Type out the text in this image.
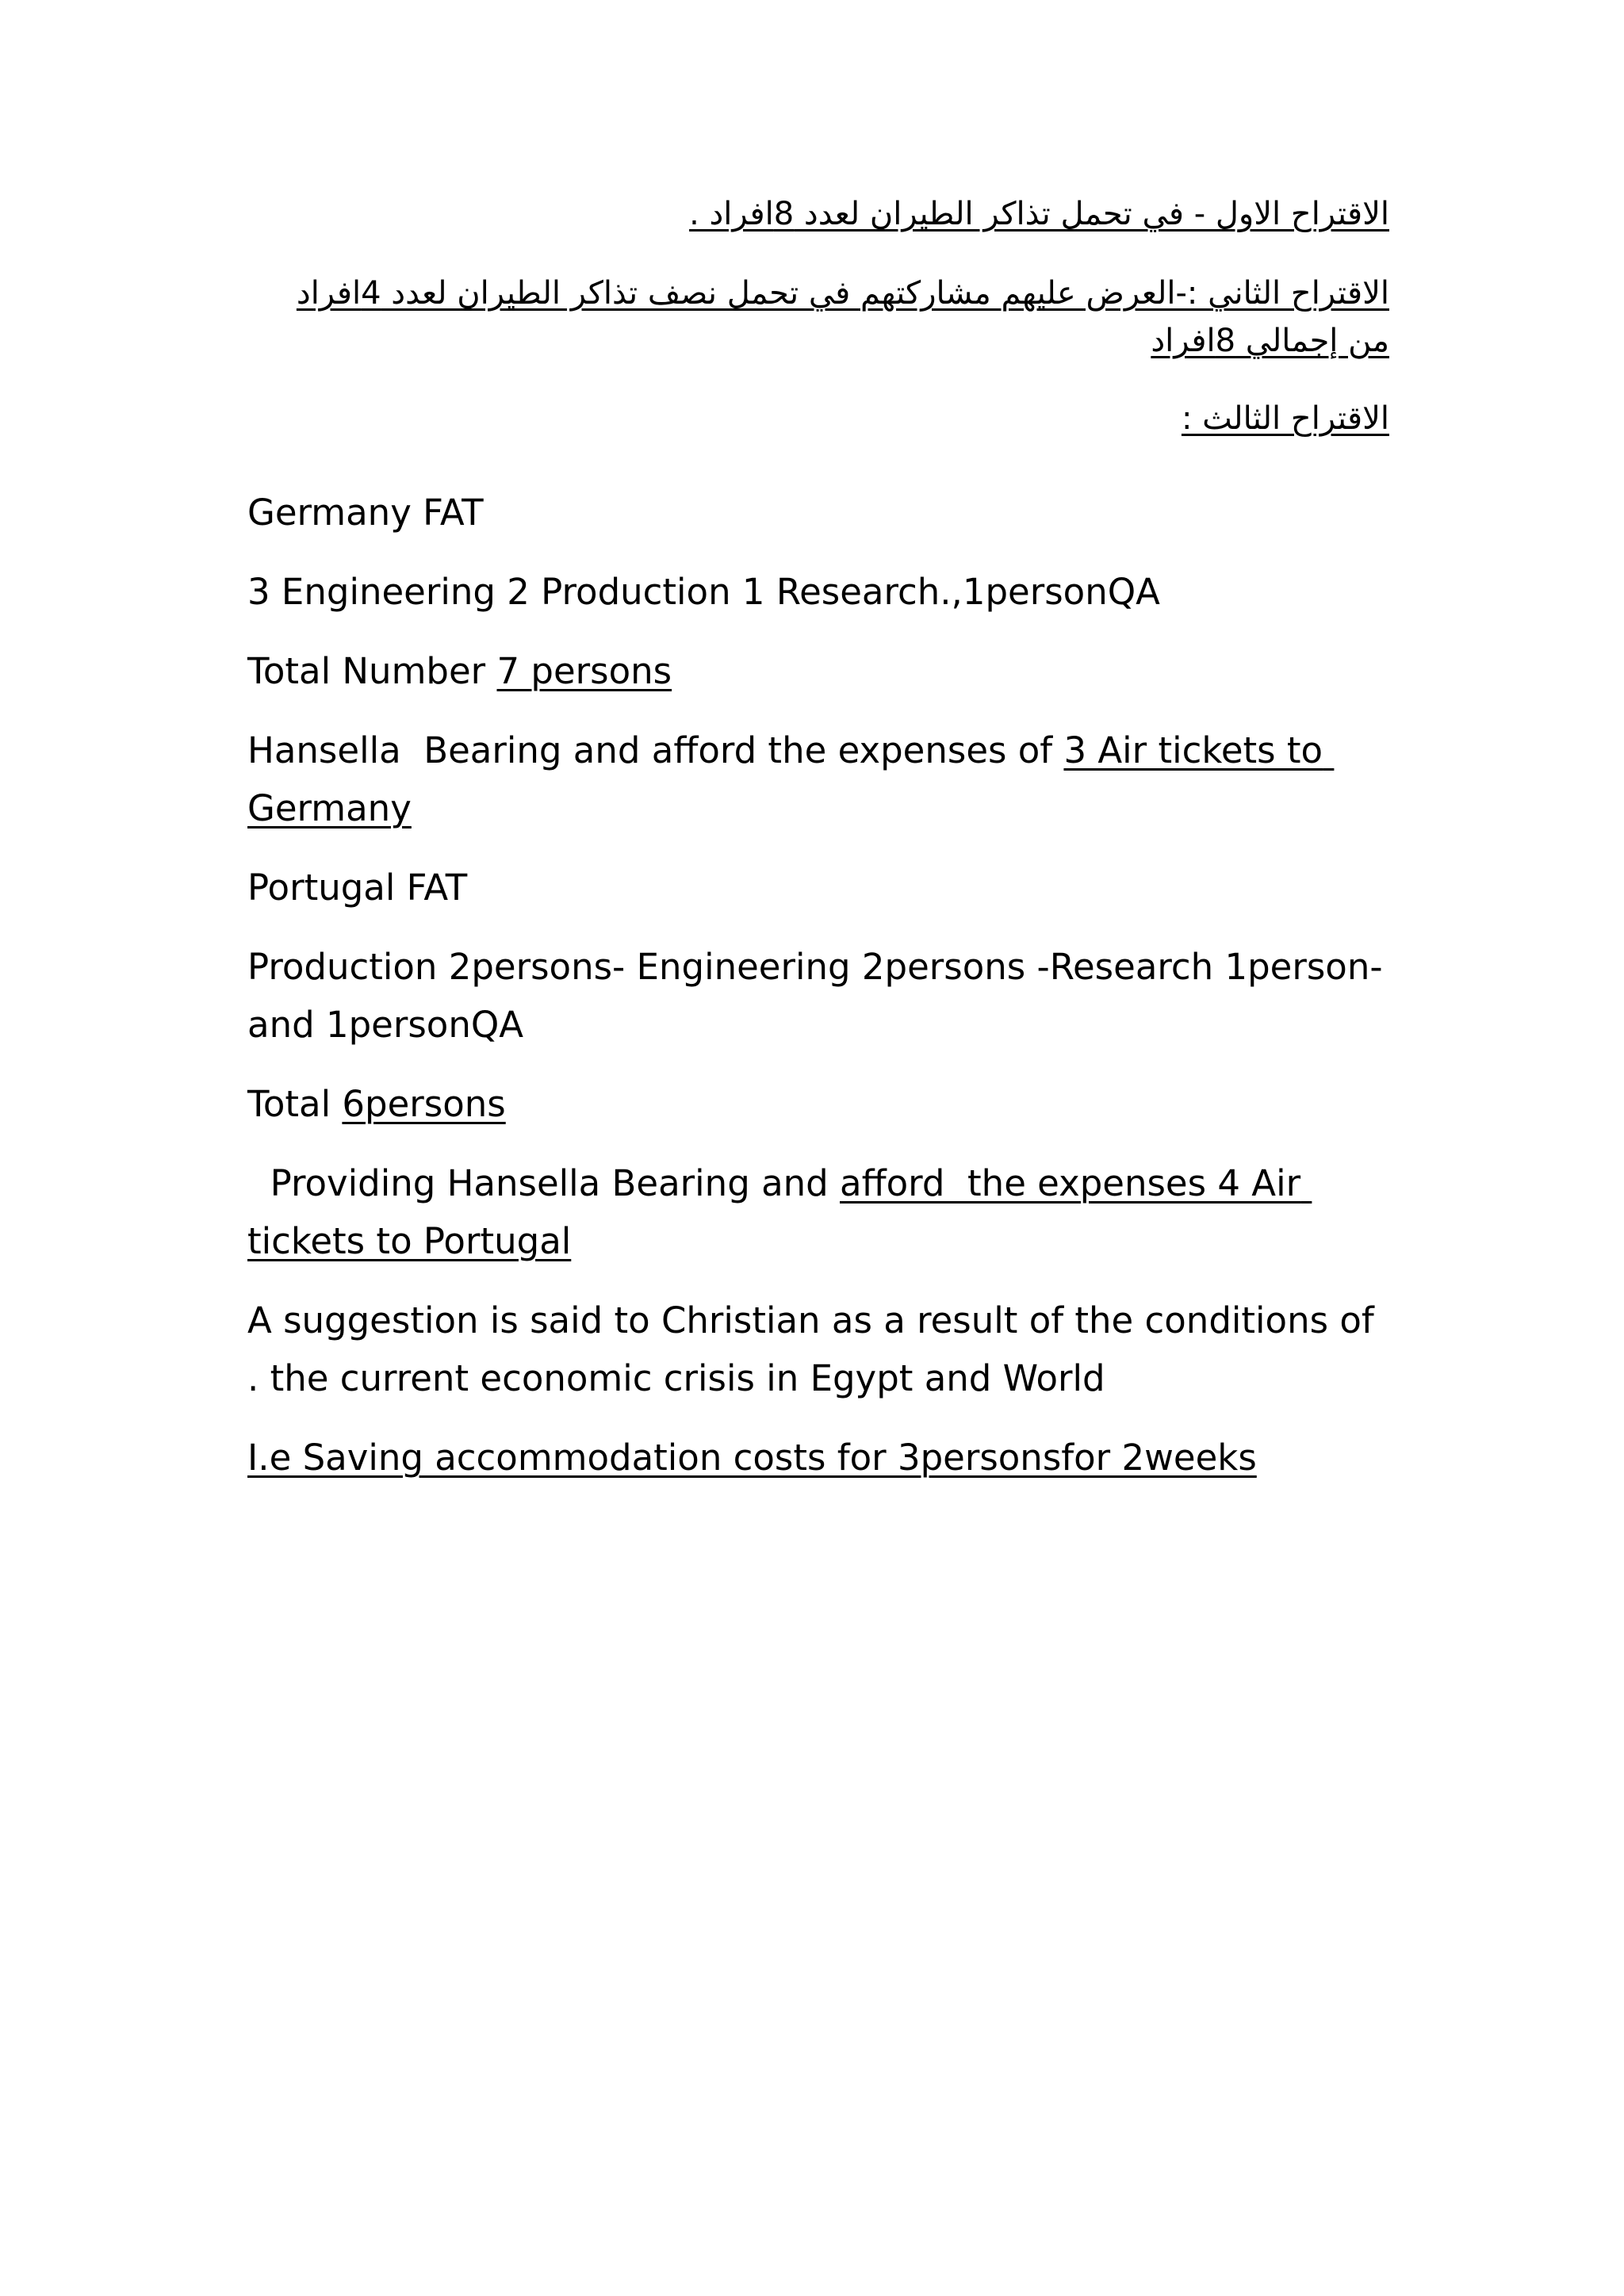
الاقتراح الاول - في تحمل تذاكر الطيران لعدد 8افراد .

الاقتراح الثاني :-العرض عليهم مشاركتهم في تحمل نصف تذاكر الطيران لعدد 4افراد من إجمالي 8افراد

الاقتراح الثالث :

Germany FAT

3 Engineering 2 Production 1 Research.,1personQA

Total Number 7 persons

Hansella  Bearing and afford the expenses of 3 Air tickets to Germany

Portugal FAT

Production 2persons- Engineering 2persons -Research 1person- and 1personQA

Total 6persons

Providing Hansella Bearing and afford  the expenses 4 Air tickets to Portugal

A suggestion is said to Christian as a result of the conditions of . the current economic crisis in Egypt and World

I.e Saving accommodation costs for 3personsfor 2weeks
